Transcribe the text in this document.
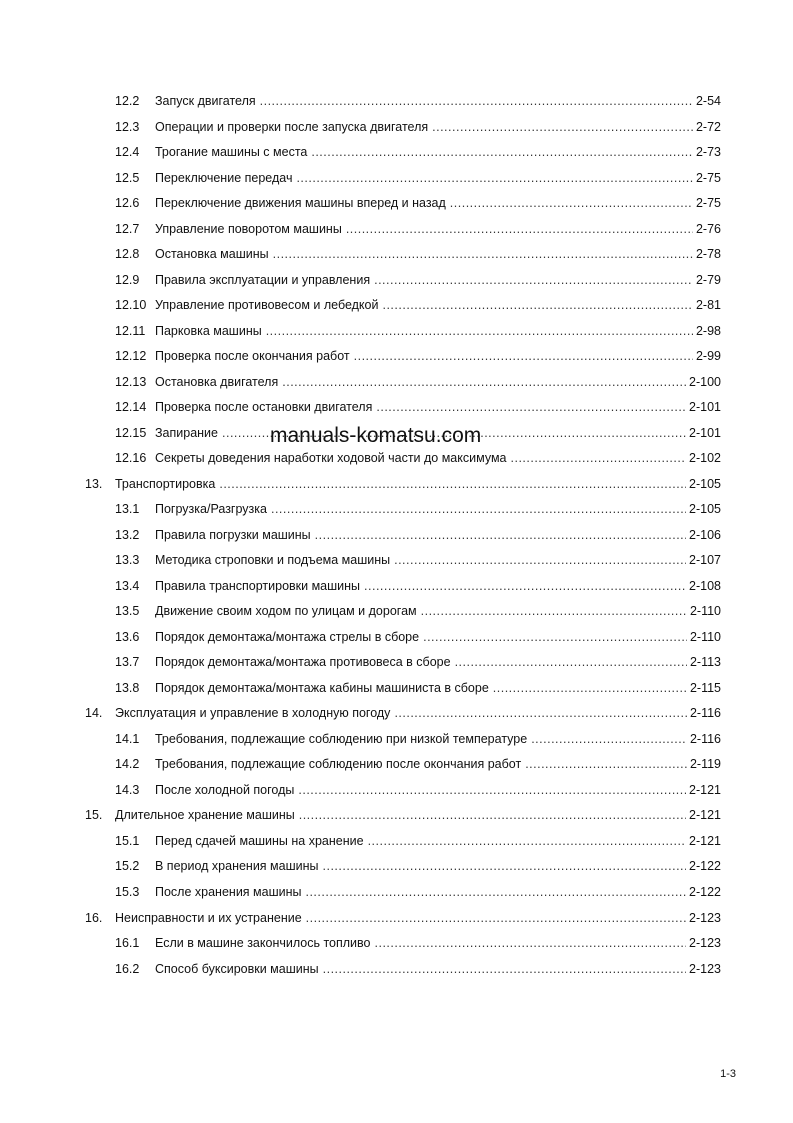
12.2 Запуск двигателя .....	2-54
12.3 Операции и проверки после запуска двигателя .....	2-72
12.4 Трогание машины с места .....	2-73
12.5 Переключение передач .....	2-75
12.6 Переключение движения машины вперед и назад .....	2-75
12.7 Управление поворотом машины .....	2-76
12.8 Остановка машины .....	2-78
12.9 Правила эксплуатации и управления .....	2-79
12.10 Управление противовесом и лебедкой .....	2-81
12.11 Парковка машины .....	2-98
12.12 Проверка после окончания работ .....	2-99
12.13 Остановка двигателя .....	2-100
12.14 Проверка после остановки двигателя .....	2-101
12.15 Запирание .....	2-101
12.16 Секреты доведения наработки ходовой части до максимума .....	2-102
13. Транспортировка .....	2-105
13.1 Погрузка/Разгрузка .....	2-105
13.2 Правила погрузки машины .....	2-106
13.3 Методика строповки и подъема машины .....	2-107
13.4 Правила транспортировки машины .....	2-108
13.5 Движение своим ходом по улицам и дорогам .....	2-110
13.6 Порядок демонтажа/монтажа стрелы в сборе .....	2-110
13.7 Порядок демонтажа/монтажа противовеса в сборе .....	2-113
13.8 Порядок демонтажа/монтажа кабины машиниста в сборе .....	2-115
14. Эксплуатация и управление в холодную погоду .....	2-116
14.1 Требования, подлежащие соблюдению при низкой температуре .....	2-116
14.2 Требования, подлежащие соблюдению после окончания работ .....	2-119
14.3 После холодной погоды .....	2-121
15. Длительное хранение машины .....	2-121
15.1 Перед сдачей машины на хранение .....	2-121
15.2 В период хранения машины .....	2-122
15.3 После хранения машины .....	2-122
16. Неисправности и их устранение .....	2-123
16.1 Если в машине закончилось топливо .....	2-123
16.2 Способ буксировки машины .....	2-123
manuals-komatsu.com
1-3
